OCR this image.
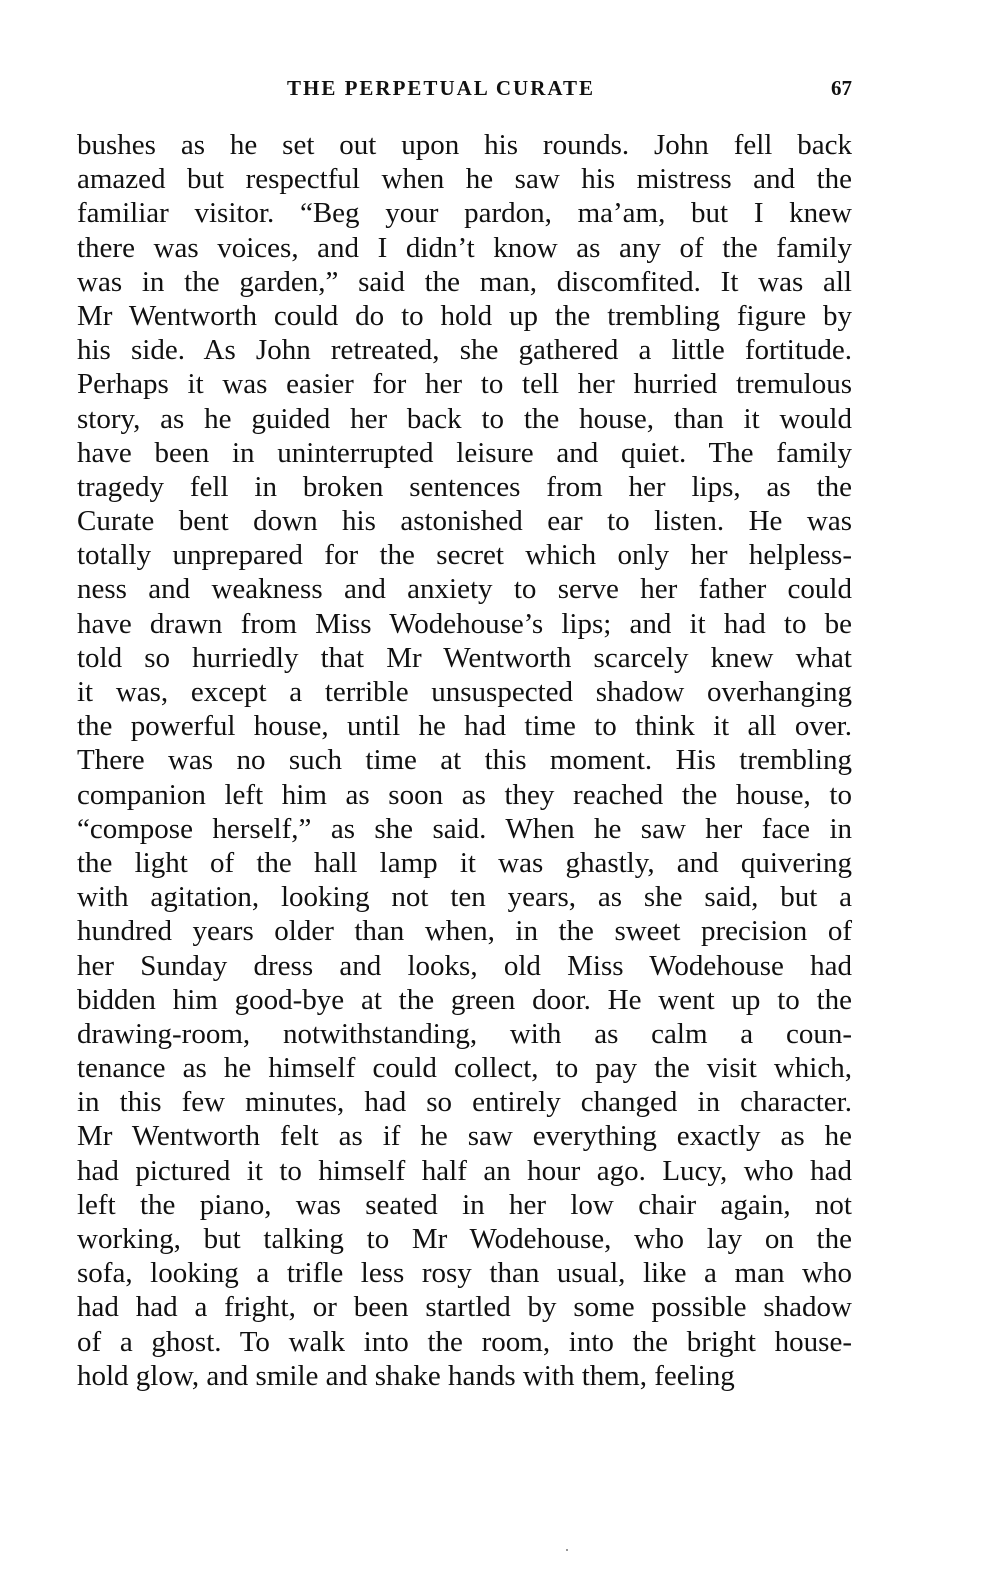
THE PERPETUAL CURATE	67
bushes as he set out upon his rounds. John fell back
amazed but respectful when he saw his mistress and the
familiar visitor. “Beg your pardon, ma’am, but I knew
there was voices, and I didn’t know as any of the family
was in the garden,” said the man, discomfited. It was all
Mr Wentworth could do to hold up the trembling figure by
his side. As John retreated, she gathered a little fortitude.
Perhaps it was easier for her to tell her hurried tremulous
story, as he guided her back to the house, than it would
have been in uninterrupted leisure and quiet. The family
tragedy fell in broken sentences from her lips, as the
Curate bent down his astonished ear to listen. He was
totally unprepared for the secret which only her helpless-
ness and weakness and anxiety to serve her father could
have drawn from Miss Wodehouse’s lips; and it had to be
told so hurriedly that Mr Wentworth scarcely knew what
it was, except a terrible unsuspected shadow overhanging
the powerful house, until he had time to think it all over.
There was no such time at this moment. His trembling
companion left him as soon as they reached the house, to
“compose herself,” as she said. When he saw her face in
the light of the hall lamp it was ghastly, and quivering
with agitation, looking not ten years, as she said, but a
hundred years older than when, in the sweet precision of
her Sunday dress and looks, old Miss Wodehouse had
bidden him good-bye at the green door. He went up to the
drawing-room, notwithstanding, with as calm a coun-
tenance as he himself could collect, to pay the visit which,
in this few minutes, had so entirely changed in character.
Mr Wentworth felt as if he saw everything exactly as he
had pictured it to himself half an hour ago. Lucy, who had
left the piano, was seated in her low chair again, not
working, but talking to Mr Wodehouse, who lay on the
sofa, looking a trifle less rosy than usual, like a man who
had had a fright, or been startled by some possible shadow
of a ghost. To walk into the room, into the bright house-
hold glow, and smile and shake hands with them, feeling
